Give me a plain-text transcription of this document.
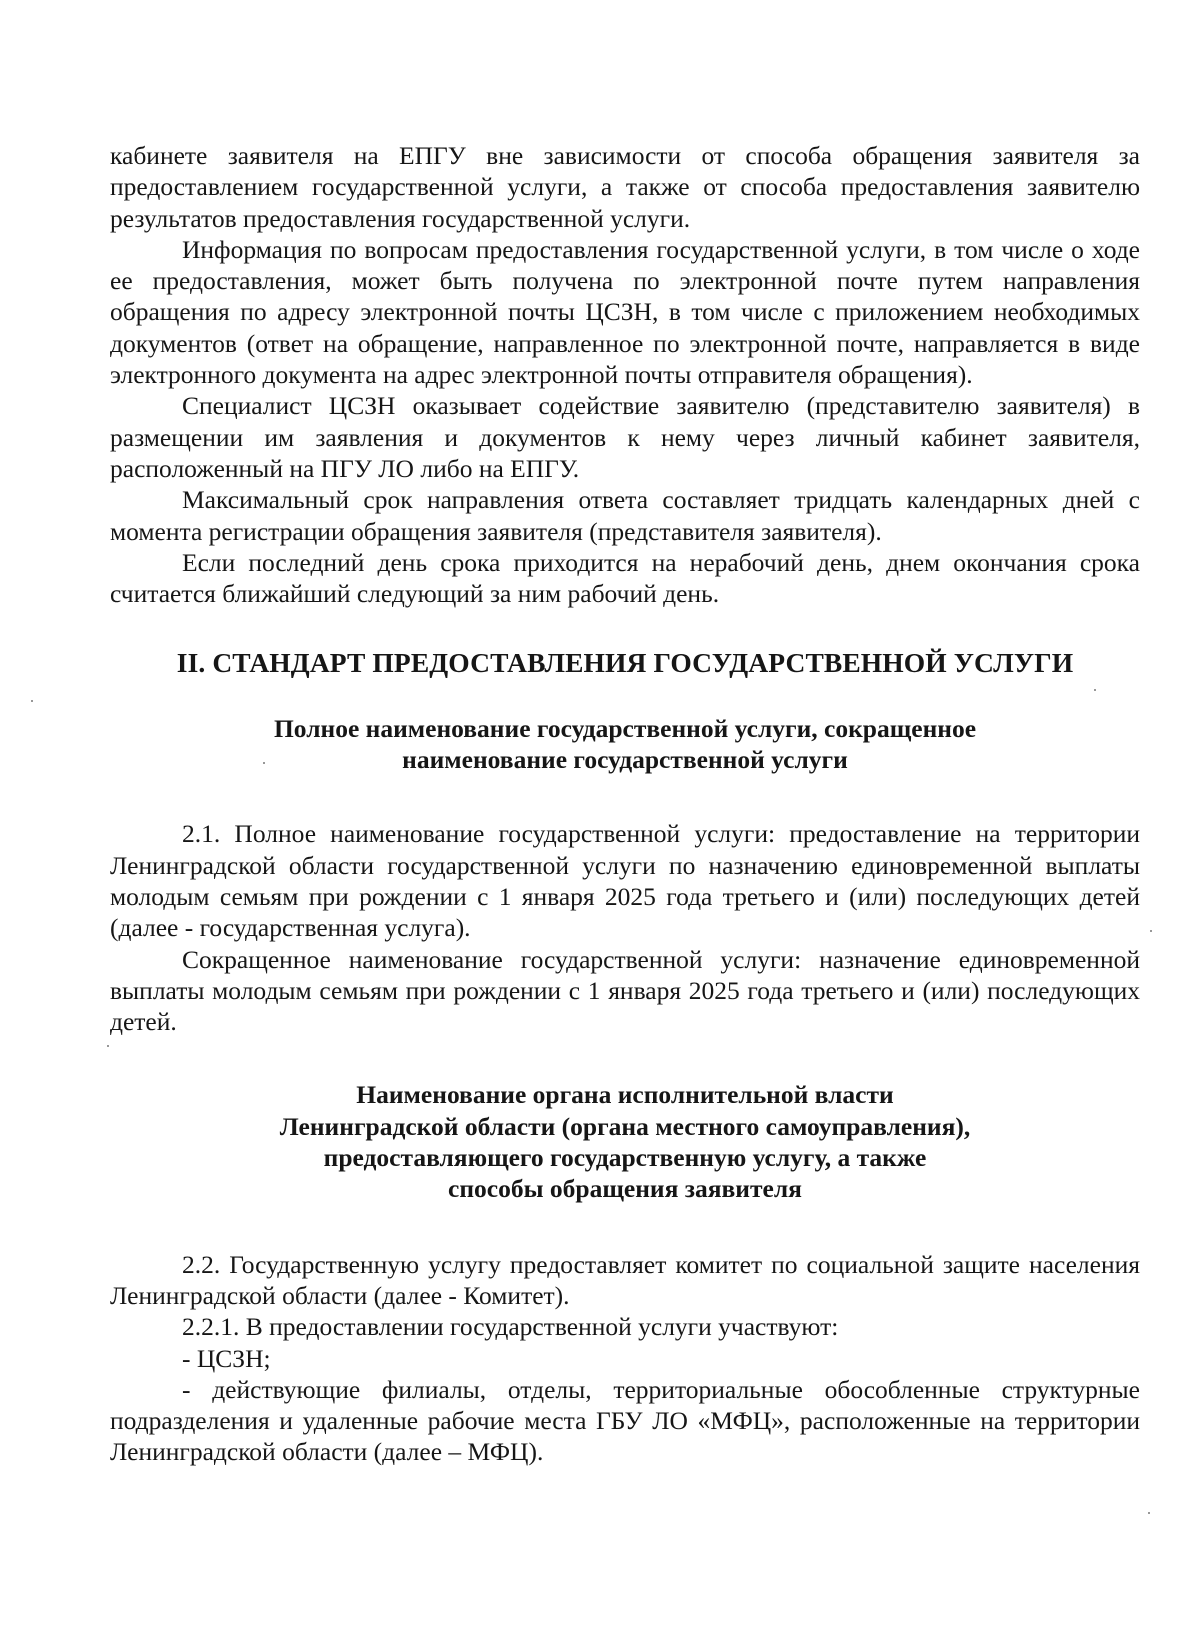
кабинете заявителя на ЕПГУ вне зависимости от способа обращения заявителя за предоставлением государственной услуги, а также от способа предоставления заявителю результатов предоставления государственной услуги.

Информация по вопросам предоставления государственной услуги, в том числе о ходе ее предоставления, может быть получена по электронной почте путем направления обращения по адресу электронной почты ЦСЗН, в том числе с приложением необходимых документов (ответ на обращение, направленное по электронной почте, направляется в виде электронного документа на адрес электронной почты отправителя обращения).

Специалист ЦСЗН оказывает содействие заявителю (представителю заявителя) в размещении им заявления и документов к нему через личный кабинет заявителя, расположенный на ПГУ ЛО либо на ЕПГУ.

Максимальный срок направления ответа составляет тридцать календарных дней с момента регистрации обращения заявителя (представителя заявителя).

Если последний день срока приходится на нерабочий день, днем окончания срока считается ближайший следующий за ним рабочий день.

II. СТАНДАРТ ПРЕДОСТАВЛЕНИЯ ГОСУДАРСТВЕННОЙ УСЛУГИ
Полное наименование государственной услуги, сокращенное
наименование государственной услуги

2.1. Полное наименование государственной услуги: предоставление на территории Ленинградской области государственной услуги по назначению единовременной выплаты молодым семьям при рождении с 1 января 2025 года третьего и (или) последующих детей (далее - государственная услуга).

Сокращенное наименование государственной услуги: назначение единовременной выплаты молодым семьям при рождении с 1 января 2025 года третьего и (или) последующих детей.

Наименование органа исполнительной власти
Ленинградской области (органа местного самоуправления),
предоставляющего государственную услугу, а также
способы обращения заявителя

2.2. Государственную услугу предоставляет комитет по социальной защите населения Ленинградской области (далее - Комитет).

2.2.1. В предоставлении государственной услуги участвуют:

- ЦСЗН;

- действующие филиалы, отделы, территориальные обособленные структурные подразделения и удаленные рабочие места ГБУ ЛО «МФЦ», расположенные на территории Ленинградской области (далее – МФЦ).
